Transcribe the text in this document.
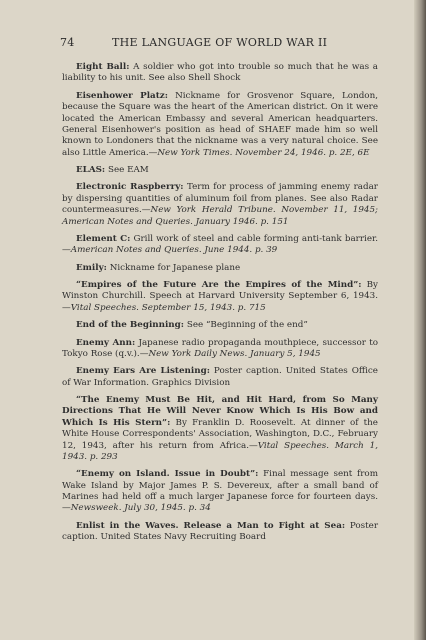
74	THE LANGUAGE OF WORLD WAR II

Eight Ball: A soldier who got into trouble so much that he was a liability to his unit. See also Shell Shock

Eisenhower Platz: Nickname for Grosvenor Square, London, because the Square was the heart of the American district. On it were located the American Embassy and several American headquarters. General Eisenhower's position as head of SHAEF made him so well known to Londoners that the nickname was a very natural choice. See also Little America.—New York Times. November 24, 1946. p. 2E, 6E

ELAS: See EAM

Electronic Raspberry: Term for process of jamming enemy radar by dispersing quantities of aluminum foil from planes. See also Radar countermeasures.—New York Herald Tribune. November 11, 1945; American Notes and Queries. January 1946. p. 151

Element C: Grill work of steel and cable forming anti-tank barrier.—American Notes and Queries. June 1944. p. 39

Emily: Nickname for Japanese plane

“Empires of the Future Are the Empires of the Mind”: By Winston Churchill. Speech at Harvard University September 6, 1943. —Vital Speeches. September 15, 1943. p. 715

End of the Beginning: See “Beginning of the end”

Enemy Ann: Japanese radio propaganda mouthpiece, successor to Tokyo Rose (q.v.).—New York Daily News. January 5, 1945

Enemy Ears Are Listening: Poster caption. United States Office of War Information. Graphics Division

“The Enemy Must Be Hit, and Hit Hard, from So Many Directions That He Will Never Know Which Is His Bow and Which Is His Stern”: By Franklin D. Roosevelt. At dinner of the White House Correspondents' Association, Washington, D.C., February 12, 1943, after his return from Africa.—Vital Speeches. March 1, 1943. p. 293

“Enemy on Island. Issue in Doubt”: Final message sent from Wake Island by Major James P. S. Devereux, after a small band of Marines had held off a much larger Japanese force for fourteen days. —Newsweek. July 30, 1945. p. 34

Enlist in the Waves. Release a Man to Fight at Sea: Poster caption. United States Navy Recruiting Board
